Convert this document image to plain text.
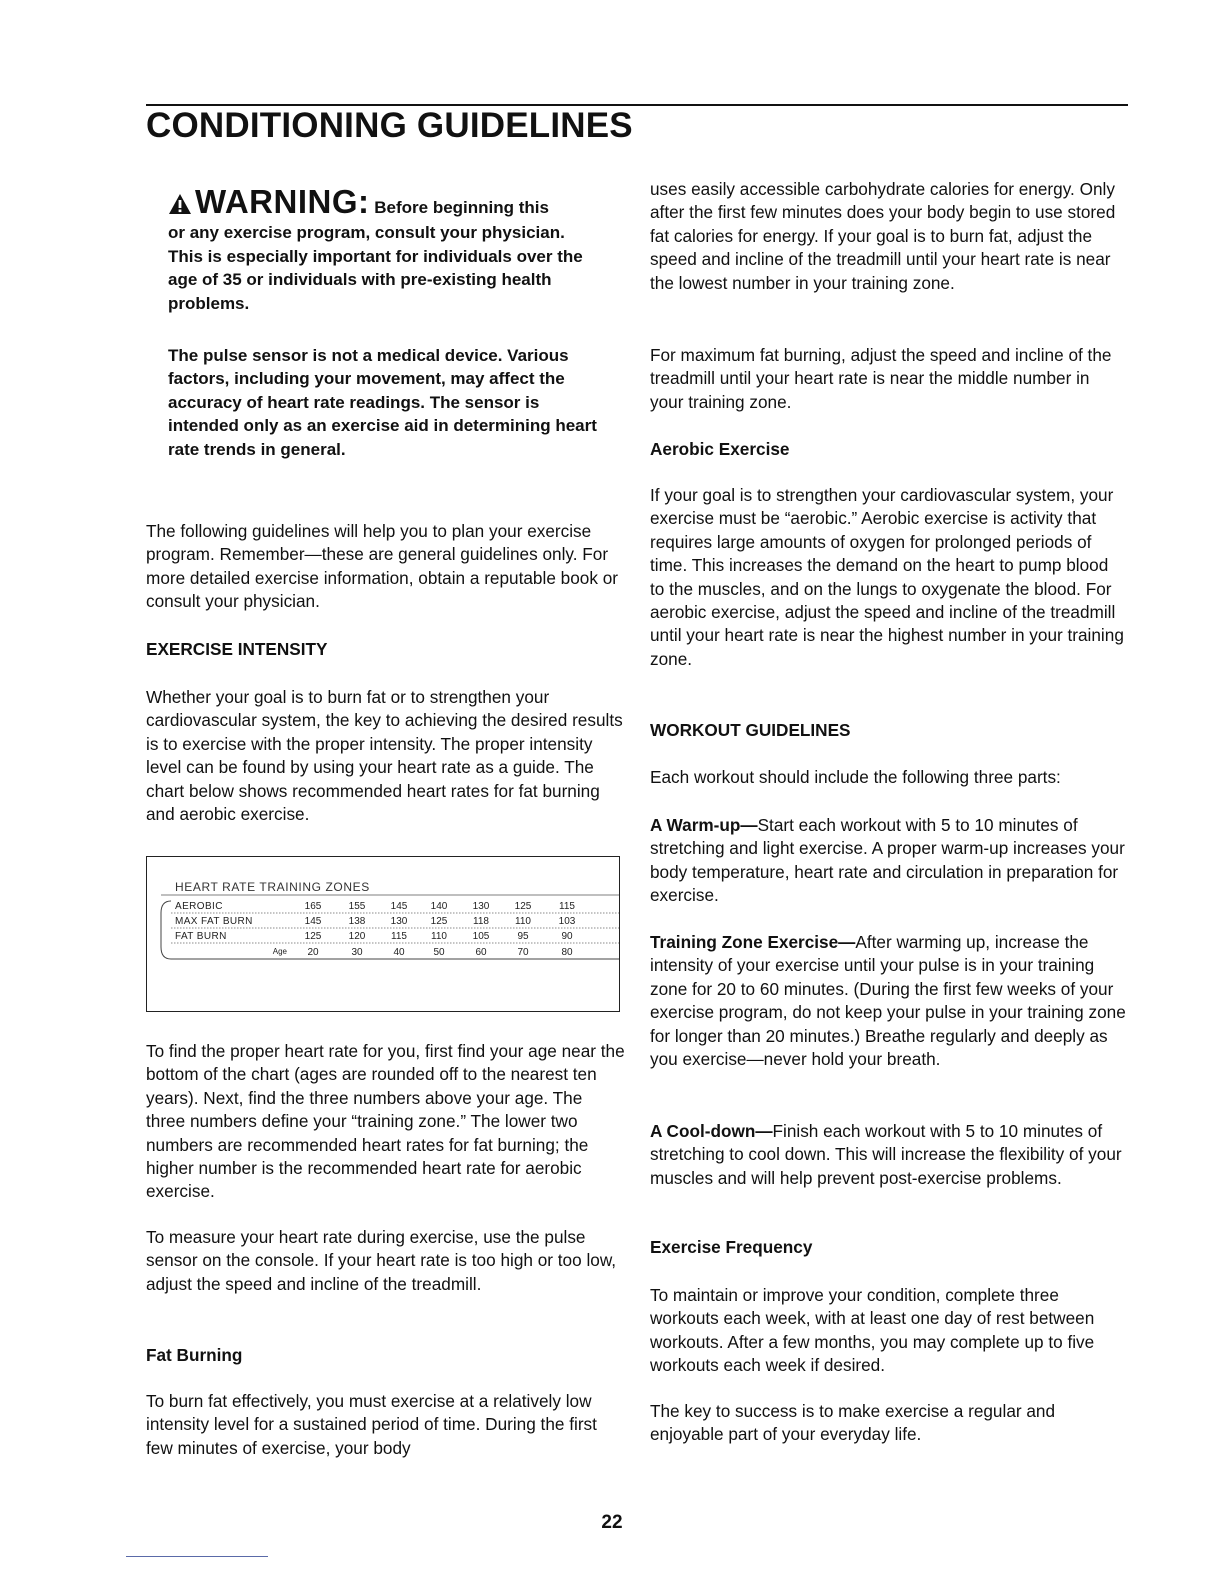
CONDITIONING GUIDELINES
WARNING: Before beginning this

or any exercise program, consult your physician. This is especially important for individuals over the age of 35 or individuals with pre-existing health problems.

The pulse sensor is not a medical device. Various factors, including your movement, may affect the accuracy of heart rate readings. The sensor is intended only as an exercise aid in determining heart rate trends in general.

The following guidelines will help you to plan your exercise program. Remember—these are general guidelines only. For more detailed exercise information, obtain a reputable book or consult your physician.

EXERCISE INTENSITY

Whether your goal is to burn fat or to strengthen your cardiovascular system, the key to achieving the desired results is to exercise with the proper intensity. The proper intensity level can be found by using your heart rate as a guide. The chart below shows recommended heart rates for fat burning and aerobic exercise.

To find the proper heart rate for you, first find your age near the bottom of the chart (ages are rounded off to the nearest ten years). Next, find the three numbers above your age. The three numbers define your “training zone.” The lower two numbers are recommended heart rates for fat burning; the higher number is the recommended heart rate for aerobic exercise.

To measure your heart rate during exercise, use the pulse sensor on the console. If your heart rate is too high or too low, adjust the speed and incline of the treadmill.

Fat Burning

To burn fat effectively, you must exercise at a relatively low intensity level for a sustained period of time. During the first few minutes of exercise, your body

HEART RATE TRAINING ZONES
AEROBIC	165	155	145 140	130	125	115
MAX FAT BURN	145	138	130 125	118	110	103
FAT BURN	125	120	115 110	105	95	90
Age 20	30	40	50	60	70	80

uses easily accessible carbohydrate calories for energy. Only after the first few minutes does your body begin to use stored fat calories for energy. If your goal is to burn fat, adjust the speed and incline of the treadmill until your heart rate is near the lowest number in your training zone.

For maximum fat burning, adjust the speed and incline of the treadmill until your heart rate is near the middle number in your training zone.

Aerobic Exercise

If your goal is to strengthen your cardiovascular system, your exercise must be “aerobic.” Aerobic exercise is activity that requires large amounts of oxygen for prolonged periods of time. This increases the demand on the heart to pump blood to the muscles, and on the lungs to oxygenate the blood. For aerobic exercise, adjust the speed and incline of the treadmill until your heart rate is near the highest number in your training zone.

WORKOUT GUIDELINES

Each workout should include the following three parts:

A Warm-up—Start each workout with 5 to 10 minutes of stretching and light exercise. A proper warm-up increases your body temperature, heart rate and circulation in preparation for exercise.

Training Zone Exercise—After warming up, increase the intensity of your exercise until your pulse is in your training zone for 20 to 60 minutes. (During the first few weeks of your exercise program, do not keep your pulse in your training zone for longer than 20 minutes.) Breathe regularly and deeply as you exercise—never hold your breath.

A Cool-down—Finish each workout with 5 to 10 minutes of stretching to cool down. This will increase the flexibility of your muscles and will help prevent post-exercise problems.

Exercise Frequency

To maintain or improve your condition, complete three workouts each week, with at least one day of rest between workouts. After a few months, you may complete up to five workouts each week if desired.

The key to success is to make exercise a regular and enjoyable part of your everyday life.

22
